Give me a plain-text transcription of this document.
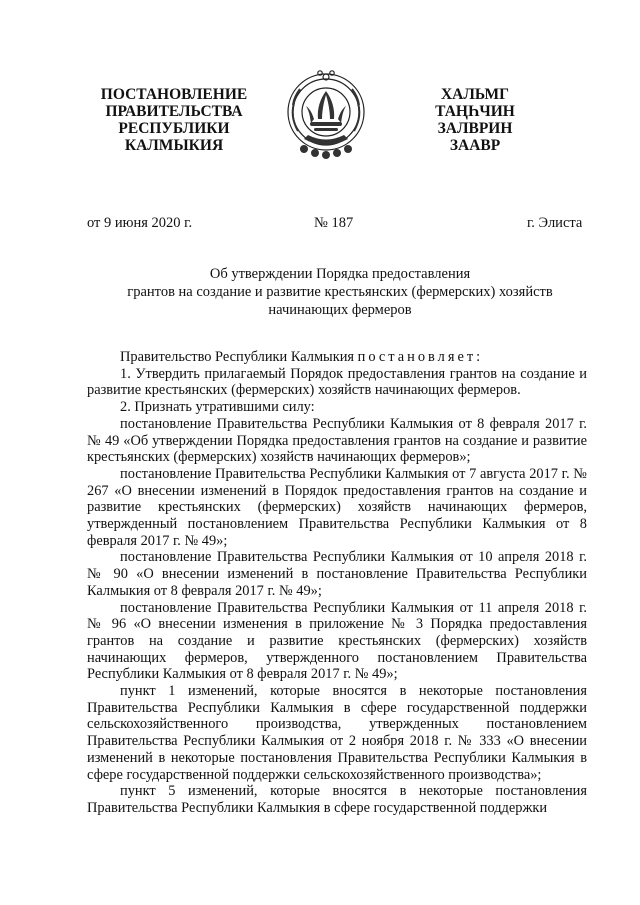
ПОСТАНОВЛЕНИЕ
ПРАВИТЕЛЬСТВА
РЕСПУБЛИКИ
КАЛМЫКИЯ
ХАЛЬМГ
ТАҢҺЧИН
ЗАЛВРИН
ЗААВР
от 9 июня 2020 г.	№ 187	г. Элиста
Об утверждении Порядка предоставления
грантов на создание и развитие крестьянских (фермерских) хозяйств
начинающих фермеров

Правительство Республики Калмыкия постановляет:

1. Утвердить прилагаемый Порядок предоставления грантов на создание и развитие крестьянских (фермерских) хозяйств начинающих фермеров.

2. Признать утратившими силу:

постановление Правительства Республики Калмыкия от 8 февраля 2017 г. № 49 «Об утверждении Порядка предоставления грантов на создание и развитие крестьянских (фермерских) хозяйств начинающих фермеров»;

постановление Правительства Республики Калмыкия от 7 августа 2017 г. № 267 «О внесении изменений в Порядок предоставления грантов на создание и развитие крестьянских (фермерских) хозяйств начинающих фермеров, утвержденный постановлением Правительства Республики Калмыкия от 8 февраля 2017 г. № 49»;

постановление Правительства Республики Калмыкия от 10 апреля 2018 г. № 90 «О внесении изменений в постановление Правительства Республики Калмыкия от 8 февраля 2017 г. № 49»;

постановление Правительства Республики Калмыкия от 11 апреля 2018 г. № 96 «О внесении изменения в приложение № 3 Порядка предоставления грантов на создание и развитие крестьянских (фермерских) хозяйств начинающих фермеров, утвержденного постановлением Правительства Республики Калмыкия от 8 февраля 2017 г. № 49»;

пункт 1 изменений, которые вносятся в некоторые постановления Правительства Республики Калмыкия в сфере государственной поддержки сельскохозяйственного производства, утвержденных постановлением Правительства Республики Калмыкия от 2 ноября 2018 г. № 333 «О внесении изменений в некоторые постановления Правительства Республики Калмыкия в сфере государственной поддержки сельскохозяйственного производства»;

пункт 5 изменений, которые вносятся в некоторые постановления Правительства Республики Калмыкия в сфере государственной поддержки
